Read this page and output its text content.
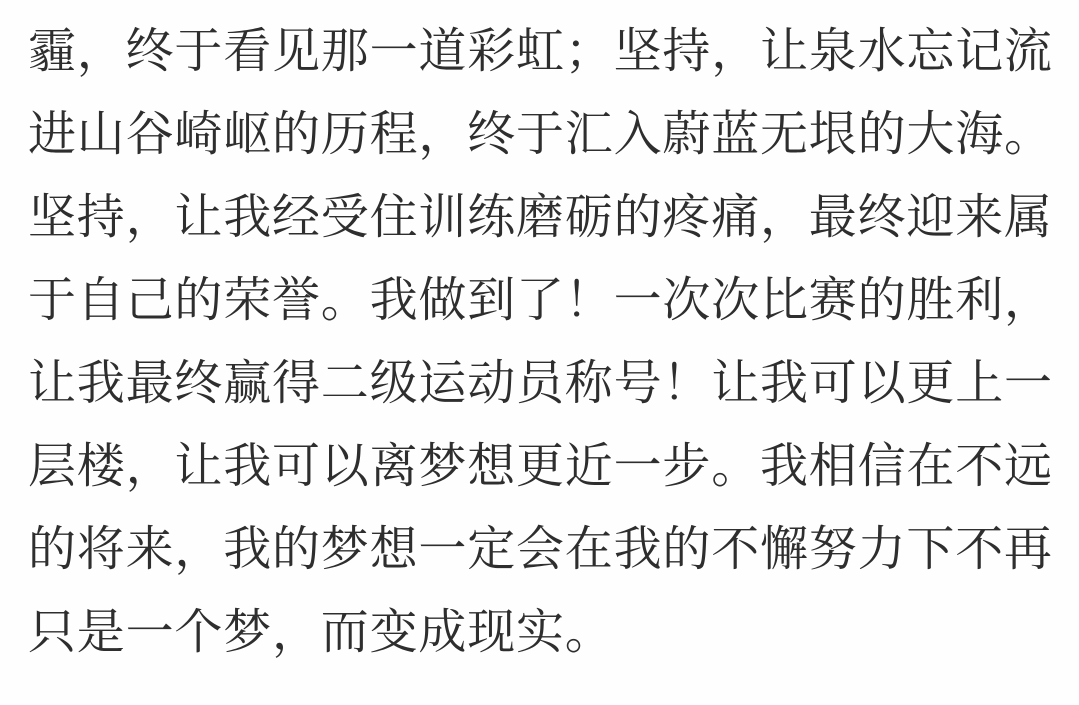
霾，终于看见那一道彩虹；坚持，让泉水忘记流

进山谷崎岖的历程，终于汇入蔚蓝无垠的大海。

坚持，让我经受住训练磨砺的疼痛，最终迎来属

于自己的荣誉。我做到了！一次次比赛的胜利，

让我最终赢得二级运动员称号！让我可以更上一

层楼，让我可以离梦想更近一步。我相信在不远

的将来，我的梦想一定会在我的不懈努力下不再

只是一个梦，而变成现实。
